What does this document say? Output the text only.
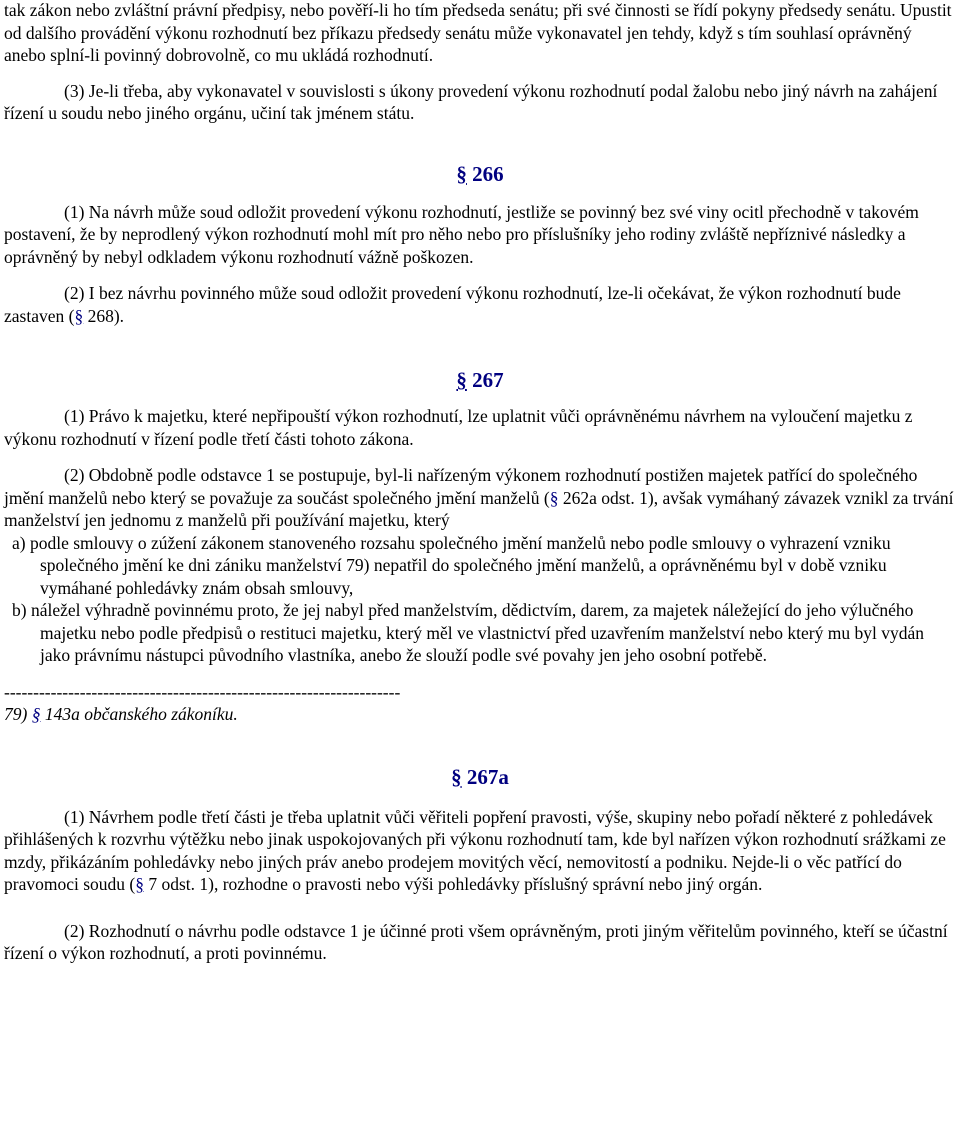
tak zákon nebo zvláštní právní předpisy, nebo pověří-li ho tím předseda senátu; při své činnosti se řídí pokyny předsedy senátu. Upustit od dalšího provádění výkonu rozhodnutí bez příkazu předsedy senátu může vykonavatel jen tehdy, když s tím souhlasí oprávněný anebo splní-li povinný dobrovolně, co mu ukládá rozhodnutí.

(3) Je-li třeba, aby vykonavatel v souvislosti s úkony provedení výkonu rozhodnutí podal žalobu nebo jiný návrh na zahájení řízení u soudu nebo jiného orgánu, učiní tak jménem státu.

§ 266

(1) Na návrh může soud odložit provedení výkonu rozhodnutí, jestliže se povinný bez své viny ocitl přechodně v takovém postavení, že by neprodlený výkon rozhodnutí mohl mít pro něho nebo pro příslušníky jeho rodiny zvláště nepříznivé následky a oprávněný by nebyl odkladem výkonu rozhodnutí vážně poškozen.

(2) I bez návrhu povinného může soud odložit provedení výkonu rozhodnutí, lze-li očekávat, že výkon rozhodnutí bude zastaven (§ 268).

§ 267

(1) Právo k majetku, které nepřipouští výkon rozhodnutí, lze uplatnit vůči oprávněnému návrhem na vyloučení majetku z výkonu rozhodnutí v řízení podle třetí části tohoto zákona.

(2) Obdobně podle odstavce 1 se postupuje, byl-li nařízeným výkonem rozhodnutí postižen majetek patřící do společného jmění manželů nebo který se považuje za součást společného jmění manželů (§ 262a odst. 1), avšak vymáhaný závazek vznikl za trvání manželství jen jednomu z manželů při používání majetku, který

a) podle smlouvy o zúžení zákonem stanoveného rozsahu společného jmění manželů nebo podle smlouvy o vyhrazení vzniku společného jmění ke dni zániku manželství 79) nepatřil do společného jmění manželů, a oprávněnému byl v době vzniku vymáhané pohledávky znám obsah smlouvy,

b) náležel výhradně povinnému proto, že jej nabyl před manželstvím, dědictvím, darem, za majetek náležející do jeho výlučného majetku nebo podle předpisů o restituci majetku, který měl ve vlastnictví před uzavřením manželství nebo který mu byl vydán jako právnímu nástupci původního vlastníka, anebo že slouží podle své povahy jen jeho osobní potřebě.

--------------------------------------------------------------------

79) § 143a občanského zákoníku.

§ 267a

(1) Návrhem podle třetí části je třeba uplatnit vůči věřiteli popření pravosti, výše, skupiny nebo pořadí některé z pohledávek přihlášených k rozvrhu výtěžku nebo jinak uspokojovaných při výkonu rozhodnutí tam, kde byl nařízen výkon rozhodnutí srážkami ze mzdy, přikázáním pohledávky nebo jiných práv anebo prodejem movitých věcí, nemovitostí a podniku. Nejde-li o věc patřící do pravomoci soudu (§ 7 odst. 1), rozhodne o pravosti nebo výši pohledávky příslušný správní nebo jiný orgán.

(2) Rozhodnutí o návrhu podle odstavce 1 je účinné proti všem oprávněným, proti jiným věřitelům povinného, kteří se účastní řízení o výkon rozhodnutí, a proti povinnému.
